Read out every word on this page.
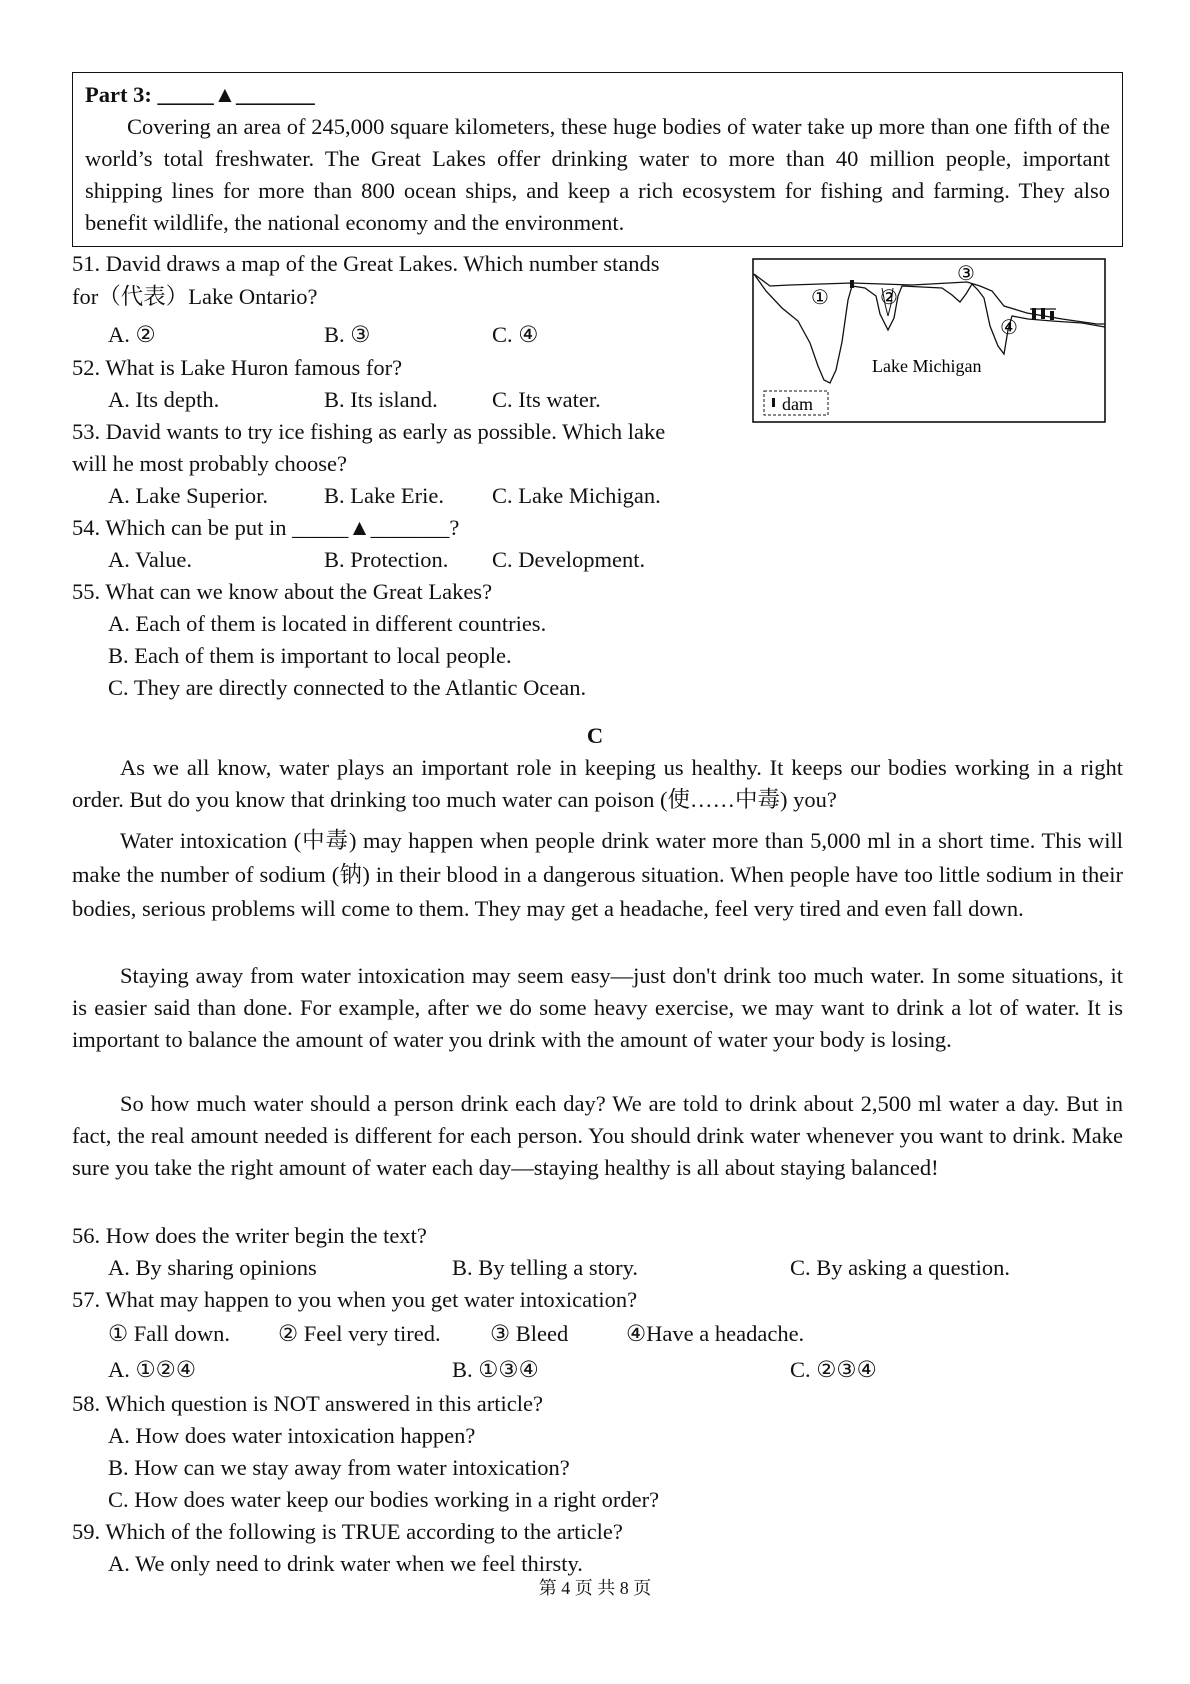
Part 3: _____▲_______
Covering an area of 245,000 square kilometers, these huge bodies of water take up more than one fifth of the world’s total freshwater. The Great Lakes offer drinking water to more than 40 million people, important shipping lines for more than 800 ocean ships, and keep a rich ecosystem for fishing and farming. They also benefit wildlife, the national economy and the environment.
①	②
③
④
Lake Michigan
dam
51. David draws a map of the Great Lakes. Which number stands
for（代表）Lake Ontario?
A. ②	B. ③	C. ④
52. What is Lake Huron famous for?
A. Its depth.	B. Its island. C. Its water.
53. David wants to try ice fishing as early as possible. Which lake
will he most probably choose?
A. Lake Superior. B. Lake Erie. C. Lake Michigan.
54. Which can be put in _____▲_______?
A. Value.	B. Protection. C. Development.
55. What can we know about the Great Lakes?
A. Each of them is located in different countries.
B. Each of them is important to local people.
C. They are directly connected to the Atlantic Ocean.
C
As we all know, water plays an important role in keeping us healthy. It keeps our bodies working in a right order. But do you know that drinking too much water can poison (使……中毒) you?
Water intoxication (中毒) may happen when people drink water more than 5,000 ml in a short time. This will make the number of sodium (钠) in their blood in a dangerous situation. When people have too little sodium in their bodies, serious problems will come to them. They may get a headache, feel very tired and even fall down.
Staying away from water intoxication may seem easy—just don't drink too much water. In some situations, it is easier said than done. For example, after we do some heavy exercise, we may want to drink a lot of water. It is important to balance the amount of water you drink with the amount of water your body is losing.
So how much water should a person drink each day? We are told to drink about 2,500 ml water a day. But in fact, the real amount needed is different for each person. You should drink water whenever you want to drink. Make sure you take the right amount of water each day—staying healthy is all about staying balanced!
56. How does the writer begin the text?
A. By sharing opinions	B. By telling a story.	C. By asking a question.
57. What may happen to you when you get water intoxication?
① Fall down. ② Feel very tired. ③ Bleed	④Have a headache.
A. ①②④	B. ①③④	C. ②③④
58. Which question is NOT answered in this article?
A. How does water intoxication happen?
B. How can we stay away from water intoxication?
C. How does water keep our bodies working in a right order?
59. Which of the following is TRUE according to the article?
A. We only need to drink water when we feel thirsty.
第 4 页 共 8 页
